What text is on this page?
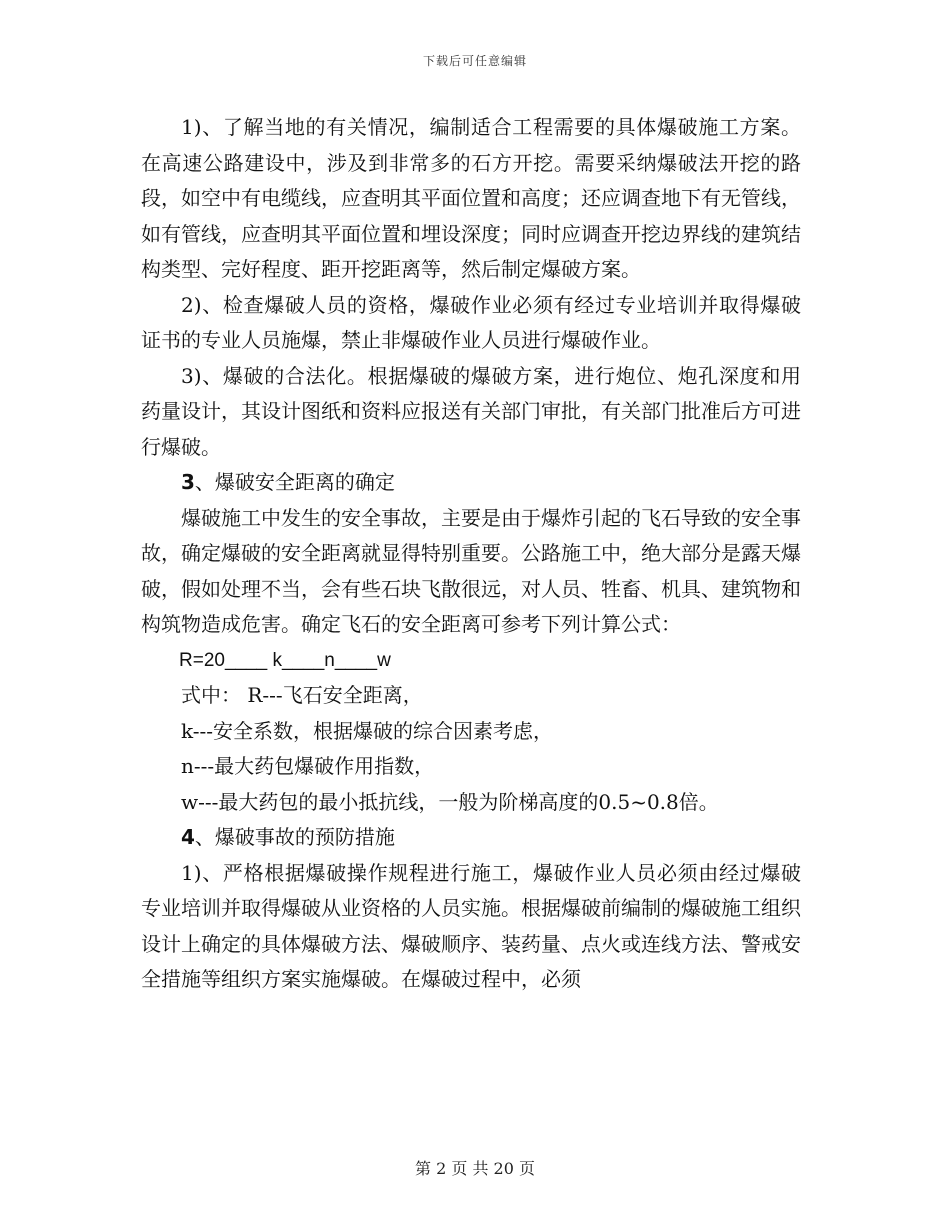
下载后可任意编辑

1)、了解当地的有关情况，编制适合工程需要的具体爆破施工方案。在高速公路建设中，涉及到非常多的石方开挖。需要采纳爆破法开挖的路段，如空中有电缆线，应查明其平面位置和高度；还应调查地下有无管线，如有管线，应查明其平面位置和埋设深度；同时应调查开挖边界线的建筑结构类型、完好程度、距开挖距离等，然后制定爆破方案。

2)、检查爆破人员的资格，爆破作业必须有经过专业培训并取得爆破证书的专业人员施爆，禁止非爆破作业人员进行爆破作业。

3)、爆破的合法化。根据爆破的爆破方案，进行炮位、炮孔深度和用药量设计，其设计图纸和资料应报送有关部门审批，有关部门批准后方可进行爆破。

3、爆破安全距离的确定

爆破施工中发生的安全事故，主要是由于爆炸引起的飞石导致的安全事故，确定爆破的安全距离就显得特别重要。公路施工中，绝大部分是露天爆破，假如处理不当，会有些石块飞散很远，对人员、牲畜、机具、建筑物和构筑物造成危害。确定飞石的安全距离可参考下列计算公式：

R=20____ k____n____w

式中： R---飞石安全距离，

k---安全系数，根据爆破的综合因素考虑，

n---最大药包爆破作用指数，

w---最大药包的最小抵抗线，一般为阶梯高度的0.5~0.8倍。

4、爆破事故的预防措施

1)、严格根据爆破操作规程进行施工，爆破作业人员必须由经过爆破专业培训并取得爆破从业资格的人员实施。根据爆破前编制的爆破施工组织设计上确定的具体爆破方法、爆破顺序、装药量、点火或连线方法、警戒安全措施等组织方案实施爆破。在爆破过程中，必须

第 2 页 共 20 页
